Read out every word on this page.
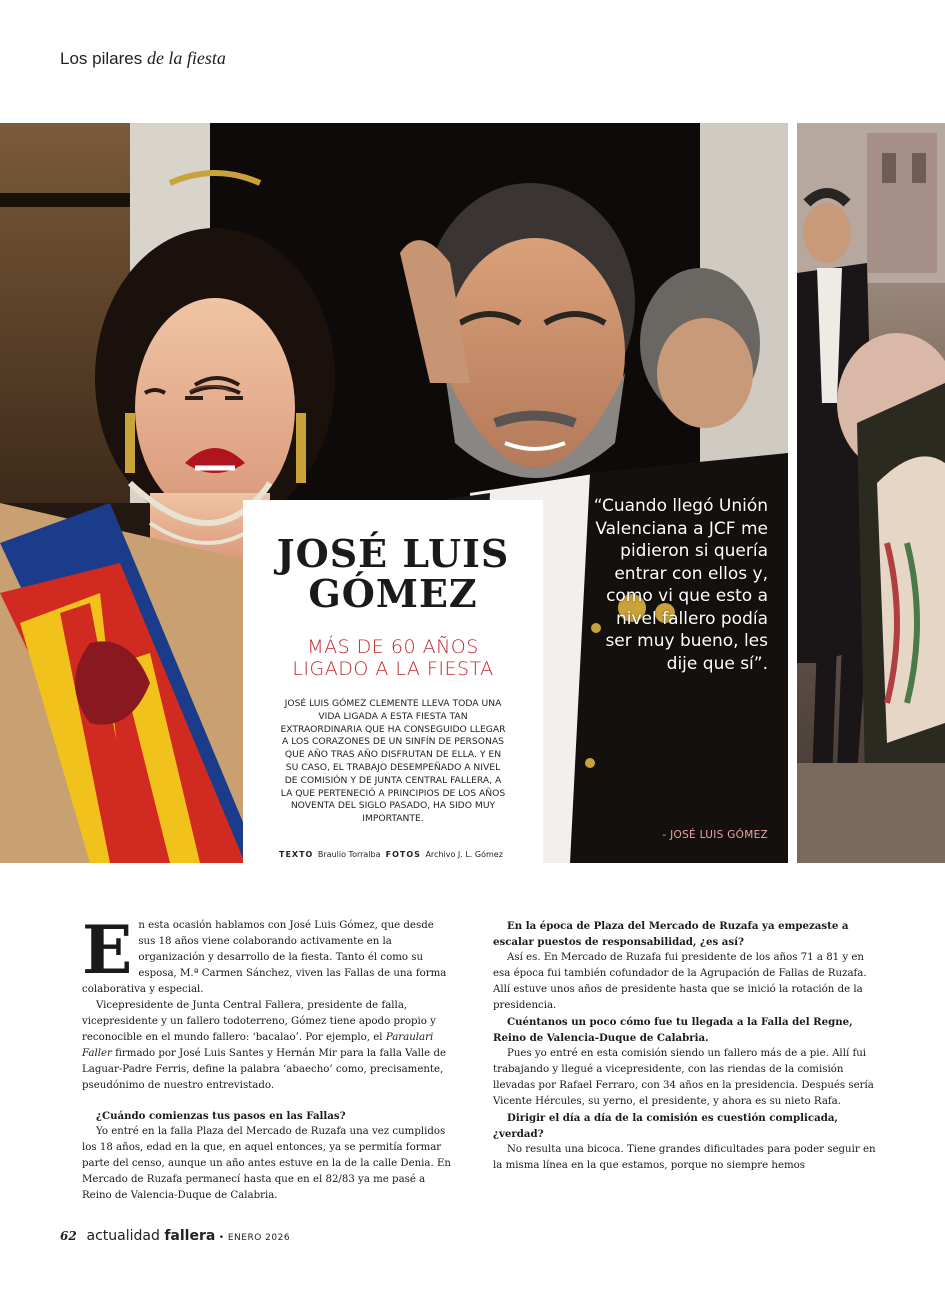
Los pilares de la fiesta
JOSÉ LUIS
GÓMEZ
MÁS DE 60 AÑOS
LIGADO A LA FIESTA

JOSÉ LUIS GÓMEZ CLEMENTE LLEVA TODA UNA VIDA LIGADA A ESTA FIESTA TAN EXTRAORDINARIA QUE HA CONSEGUIDO LLEGAR A LOS CORAZONES DE UN SINFÍN DE PERSONAS QUE AÑO TRAS AÑO DISFRUTAN DE ELLA. Y EN SU CASO, EL TRABAJO DESEMPEÑADO A NIVEL DE COMISIÓN Y DE JUNTA CENTRAL FALLERA, A LA QUE PERTENECIÓ A PRINCIPIOS DE LOS AÑOS NOVENTA DEL SIGLO PASADO, HA SIDO MUY IMPORTANTE.

TEXTO Braulio Torralba FOTOS Archivo J. L. Gómez
“Cuando llegó Unión Valenciana a JCF me pidieron si quería entrar con ellos y, como vi que esto a nivel fallero podía ser muy bueno, les dije que sí”.
- JOSÉ LUIS GÓMEZ
E n esta ocasión hablamos con José Luis Gómez, que desde sus 18 años viene colaborando activamente en la organización y desarrollo de la fiesta. Tanto él como su esposa, M.ª Carmen Sánchez, viven las Fallas de una forma colaborativa y especial.

Vicepresidente de Junta Central Fallera, presidente de falla, vicepresidente y un fallero todoterreno, Gómez tiene apodo propio y reconocible en el mundo fallero: ‘bacalao’. Por ejemplo, el Paraulari Faller firmado por José Luis Santes y Hernán Mir para la falla Valle de Laguar-Padre Ferris, define la palabra ‘abaecho’ como, precisamente, pseudónimo de nuestro entrevistado.

¿Cuándo comienzas tus pasos en las Fallas?

Yo entré en la falla Plaza del Mercado de Ruzafa una vez cumplidos los 18 años, edad en la que, en aquel entonces, ya se permitía formar parte del censo, aunque un año antes estuve en la de la calle Denia. En Mercado de Ruzafa permanecí hasta que en el 82/83 ya me pasé a Reino de Valencia-Duque de Calabria.

En la época de Plaza del Mercado de Ruzafa ya empezaste a escalar puestos de responsabilidad, ¿es así?

Así es. En Mercado de Ruzafa fui presidente de los años 71 a 81 y en esa época fui también cofundador de la Agrupación de Fallas de Ruzafa. Allí estuve unos años de presidente hasta que se inició la rotación de la presidencia.

Cuéntanos un poco cómo fue tu llegada a la Falla del Regne, Reino de Valencia-Duque de Calabria.

Pues yo entré en esta comisión siendo un fallero más de a pie. Allí fui trabajando y llegué a vicepresidente, con las riendas de la comisión llevadas por Rafael Ferraro, con 34 años en la presidencia. Después sería Vicente Hércules, su yerno, el presidente, y ahora es su nieto Rafa.

Dirigir el día a día de la comisión es cuestión complicada, ¿verdad?

No resulta una bicoca. Tiene grandes dificultades para poder seguir en la misma línea en la que estamos, porque no siempre hemos

62 actualidad fallera • ENERO 2026
